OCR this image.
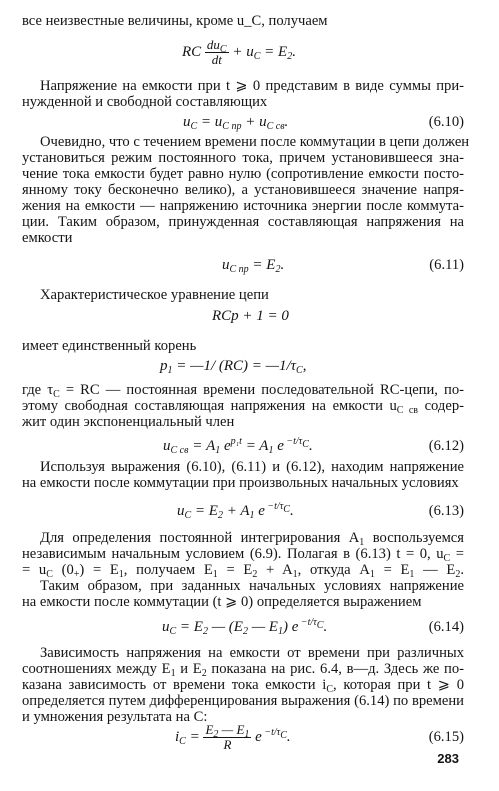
все неизвестные величины, кроме u_C, получаем
RC $\frac{du_C}{dt} + u_C = E_2$.
Напряжение на емкости при t ⩾ 0 представим в виде суммы при-
нужденной и свободной составляющих
$u_C = u_{C пр} + u_{C св}$.	(6.10)
Очевидно, что с течением времени после коммутации в цепи должен
установиться режим постоянного тока, причем установившееся зна-
чение тока емкости будет равно нулю (сопротивление емкости посто-
янному току бесконечно велико), а установившееся значение напря-
жения на емкости — напряжению источника энергии после коммута-
ции. Таким образом, принужденная составляющая напряжения на
емкости
$u_{C пр} = E_2$.	(6.11)
Характеристическое уравнение цепи
RCp + 1 = 0
имеет единственный корень
$p_1$ = —1/ $(RC) = —1/\tau_C$,
где $\tau_C$ = RC — постоянная времени последовательной RC-цепи, по-
этому свободная составляющая напряжения на емкости $u_{C св}$ содер-
жит один экспоненциальный член
$u_{C св} = A_1$ $e^{p_1t} = A_1$ e $^{-t/\tau_C}$.	(6.12)
Используя выражения (6.10), (6.11) и (6.12), находим напряжение
на емкости после коммутации при произвольных начальных условиях
$u_C = E_2 + A_1$ e $^{-t/\tau_C}$.	(6.13)
Для определения постоянной интегрирования $A_1$ воспользуемся
независимым начальным условием (6.9). Полагая в (6.13) t = 0, $u_C$ =
= $u_C$ $(0_+) = E_1$, получаем $E_1 = E_2 + A_1$, откуда $A_1 = E_1$ — $E_2$.
Таким образом, при заданных начальных условиях напряжение
на емкости после коммутации (t ⩾ 0) определяется выражением
$u_C = E_2$ — ($E_2$ — $E_1$) e $^{-t/\tau_C}$.	(6.14)
Зависимость напряжения на емкости от времени при различных
соотношениях между $E_1$ и $E_2$ показана на рис. 6.4, в—д. Здесь же по-
казана зависимость от времени тока емкости $i_C$, которая при t ⩾ 0
определяется путем дифференцирования выражения (6.14) по времени
и умножения результата на C:
$i_C = \frac{E_2 — E_1}{R}$ e $^{-t/\tau_C}$.	(6.15)
283
